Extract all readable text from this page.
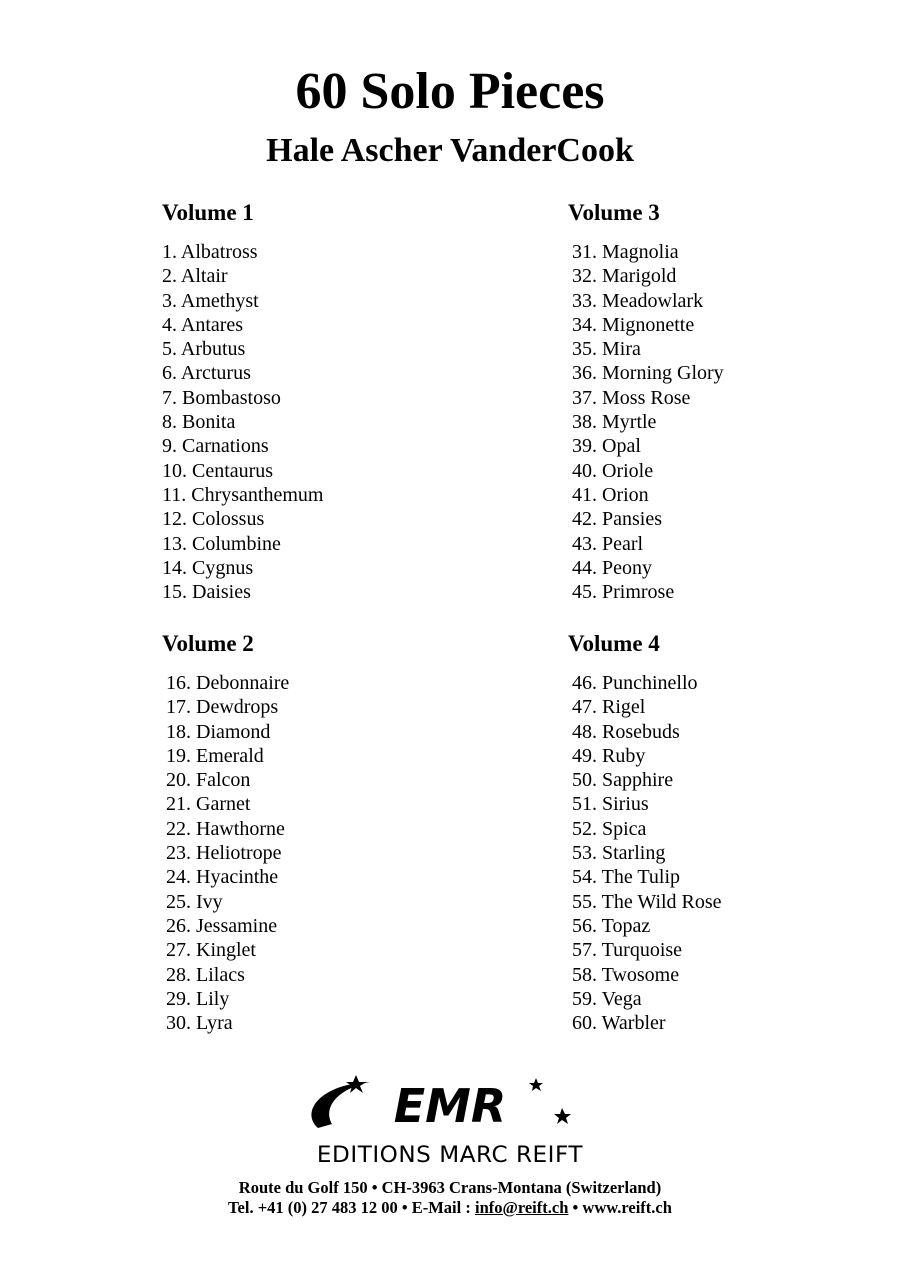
60 Solo Pieces
Hale Ascher VanderCook
Volume 1
1. Albatross
2. Altair
3. Amethyst
4. Antares
5. Arbutus
6. Arcturus
7. Bombastoso
8. Bonita
9. Carnations
10. Centaurus
11. Chrysanthemum
12. Colossus
13. Columbine
14. Cygnus
15. Daisies
Volume 3
31. Magnolia
32. Marigold
33. Meadowlark
34. Mignonette
35. Mira
36. Morning Glory
37. Moss Rose
38. Myrtle
39. Opal
40. Oriole
41. Orion
42. Pansies
43. Pearl
44. Peony
45. Primrose
Volume 2
16. Debonnaire
17. Dewdrops
18. Diamond
19. Emerald
20. Falcon
21. Garnet
22. Hawthorne
23. Heliotrope
24. Hyacinthe
25. Ivy
26. Jessamine
27. Kinglet
28. Lilacs
29. Lily
30. Lyra
Volume 4
46. Punchinello
47. Rigel
48. Rosebuds
49. Ruby
50. Sapphire
51. Sirius
52. Spica
53. Starling
54. The Tulip
55. The Wild Rose
56. Topaz
57. Turquoise
58. Twosome
59. Vega
60. Warbler
EMR
EDITIONS MARC REIFT

Route du Golf 150 • CH-3963 Crans-Montana (Switzerland)

Tel. +41 (0) 27 483 12 00 • E-Mail : info@reift.ch • www.reift.ch
